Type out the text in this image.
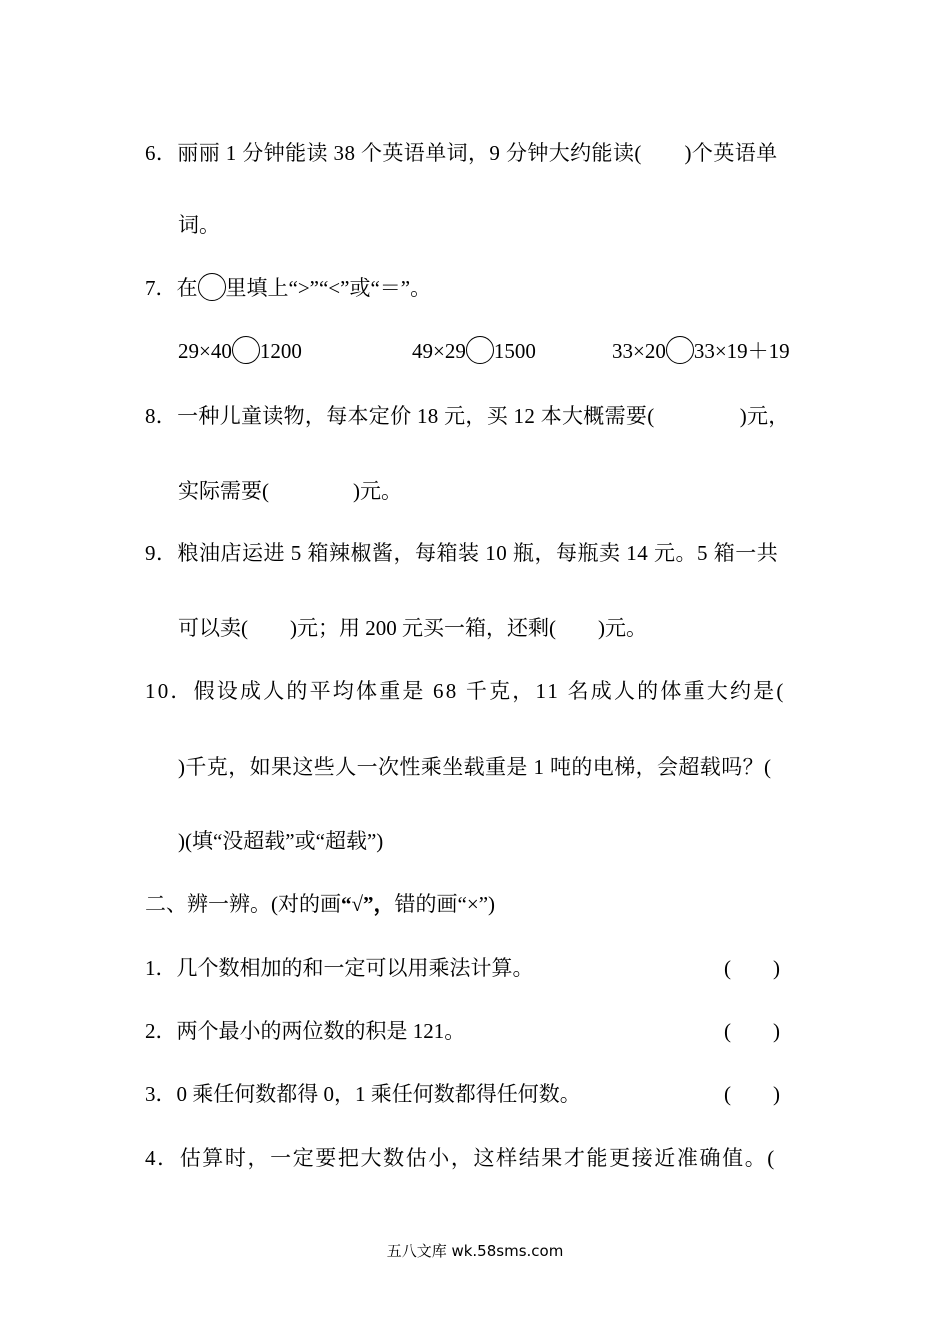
6．丽丽 1 分钟能读 38 个英语单词，9 分钟大约能读(　　)个英语单
词。
7．在 里填上“>”“<”或“＝”。
29×40 1200	49×29 1500	33×20 33×19＋19
8．一种儿童读物，每本定价 18 元，买 12 本大概需要(　　　　)元，
实际需要(　　　　)元。
9．粮油店运进 5 箱辣椒酱，每箱装 10 瓶，每瓶卖 14 元。5 箱一共
可以卖(　　)元；用 200 元买一箱，还剩(　　)元。
10．假设成人的平均体重是 68 千克，11 名成人的体重大约是(
)千克，如果这些人一次性乘坐载重是 1 吨的电梯，会超载吗？(
)(填“没超载”或“超载”)
二、辨一辨。(对的画“√”，错的画“×”)
1．几个数相加的和一定可以用乘法计算。	(　　)
2．两个最小的两位数的积是 121。	(　　)
3．0 乘任何数都得 0，1 乘任何数都得任何数。	(　　)
4．估算时，一定要把大数估小，这样结果才能更接近准确值。(
五八文库 wk.58sms.com
